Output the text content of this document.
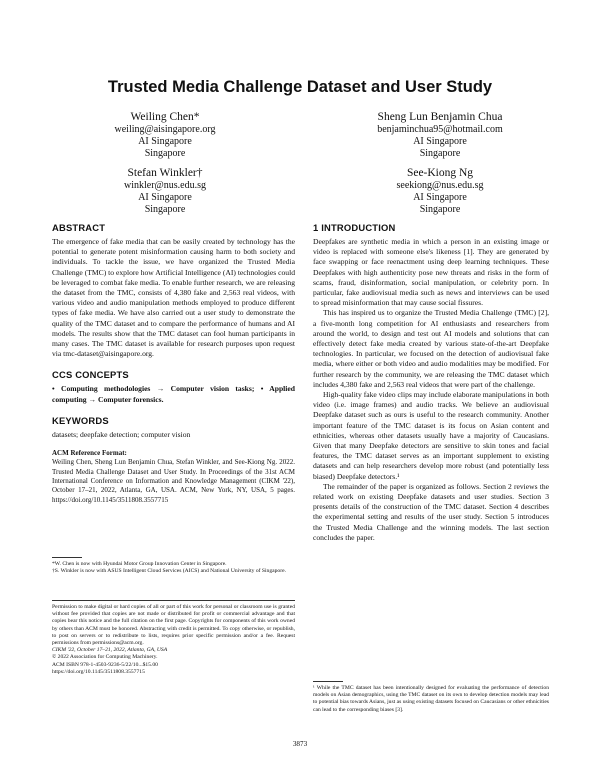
Trusted Media Challenge Dataset and User Study
Weiling Chen*
weiling@aisingapore.org
AI Singapore
Singapore
Sheng Lun Benjamin Chua
benjaminchua95@hotmail.com
AI Singapore
Singapore
Stefan Winkler†
winkler@nus.edu.sg
AI Singapore
Singapore
See-Kiong Ng
seekiong@nus.edu.sg
AI Singapore
Singapore
ABSTRACT
The emergence of fake media that can be easily created by technology has the potential to generate potent misinformation causing harm to both society and individuals. To tackle the issue, we have organized the Trusted Media Challenge (TMC) to explore how Artificial Intelligence (AI) technologies could be leveraged to combat fake media. To enable further research, we are releasing the dataset from the TMC, consists of 4,380 fake and 2,563 real videos, with various video and audio manipulation methods employed to produce different types of fake media. We have also carried out a user study to demonstrate the quality of the TMC dataset and to compare the performance of humans and AI models. The results show that the TMC dataset can fool human participants in many cases. The TMC dataset is available for research purposes upon request via tmc-dataset@aisingapore.org.
CCS CONCEPTS
• Computing methodologies → Computer vision tasks; • Applied computing → Computer forensics.
KEYWORDS
datasets; deepfake detection; computer vision
ACM Reference Format:
Weiling Chen, Sheng Lun Benjamin Chua, Stefan Winkler, and See-Kiong Ng. 2022. Trusted Media Challenge Dataset and User Study. In Proceedings of the 31st ACM International Conference on Information and Knowledge Management (CIKM '22), October 17–21, 2022, Atlanta, GA, USA. ACM, New York, NY, USA, 5 pages. https://doi.org/10.1145/3511808.3557715
*W. Chen is now with Hyundai Motor Group Innovation Center in Singapore.
†S. Winkler is now with ASUS Intelligent Cloud Services (AICS) and National University of Singapore.
Permission to make digital or hard copies of all or part of this work for personal or classroom use is granted without fee provided that copies are not made or distributed for profit or commercial advantage and that copies bear this notice and the full citation on the first page. Copyrights for components of this work owned by others than ACM must be honored. Abstracting with credit is permitted. To copy otherwise, or republish, to post on servers or to redistribute to lists, requires prior specific permission and/or a fee. Request permissions from permissions@acm.org.
CIKM '22, October 17–21, 2022, Atlanta, GA, USA
© 2022 Association for Computing Machinery.
ACM ISBN 978-1-4503-9236-5/22/10...$15.00
https://doi.org/10.1145/3511808.3557715
1 INTRODUCTION

Deepfakes are synthetic media in which a person in an existing image or video is replaced with someone else's likeness [1]. They are generated by face swapping or face reenactment using deep learning techniques. These Deepfakes with high authenticity pose new threats and risks in the form of scams, fraud, disinformation, social manipulation, or celebrity porn. In particular, fake audiovisual media such as news and interviews can be used to spread misinformation that may cause social fissures.

This has inspired us to organize the Trusted Media Challenge (TMC) [2], a five-month long competition for AI enthusiasts and researchers from around the world, to design and test out AI models and solutions that can effectively detect fake media created by various state-of-the-art Deepfake technologies. In particular, we focused on the detection of audiovisual fake media, where either or both video and audio modalities may be modified. For further research by the community, we are releasing the TMC dataset which includes 4,380 fake and 2,563 real videos that were part of the challenge.

High-quality fake video clips may include elaborate manipulations in both video (i.e. image frames) and audio tracks. We believe an audiovisual Deepfake dataset such as ours is useful to the research community. Another important feature of the TMC dataset is its focus on Asian content and ethnicities, whereas other datasets usually have a majority of Caucasians. Given that many Deepfake detectors are sensitive to skin tones and facial features, the TMC dataset serves as an important supplement to existing datasets and can help researchers develop more robust (and potentially less biased) Deepfake detectors.¹

The remainder of the paper is organized as follows. Section 2 reviews the related work on existing Deepfake datasets and user studies. Section 3 presents details of the construction of the TMC dataset. Section 4 describes the experimental setting and results of the user study. Section 5 introduces the Trusted Media Challenge and the winning models. The last section concludes the paper.

¹ While the TMC dataset has been intentionally designed for evaluating the performance of detection models on Asian demographics, using the TMC dataset on its own to develop detection models may lead to potential bias towards Asians, just as using existing datasets focused on Caucasians or other ethnicities can lead to the corresponding biases [3].
3873
